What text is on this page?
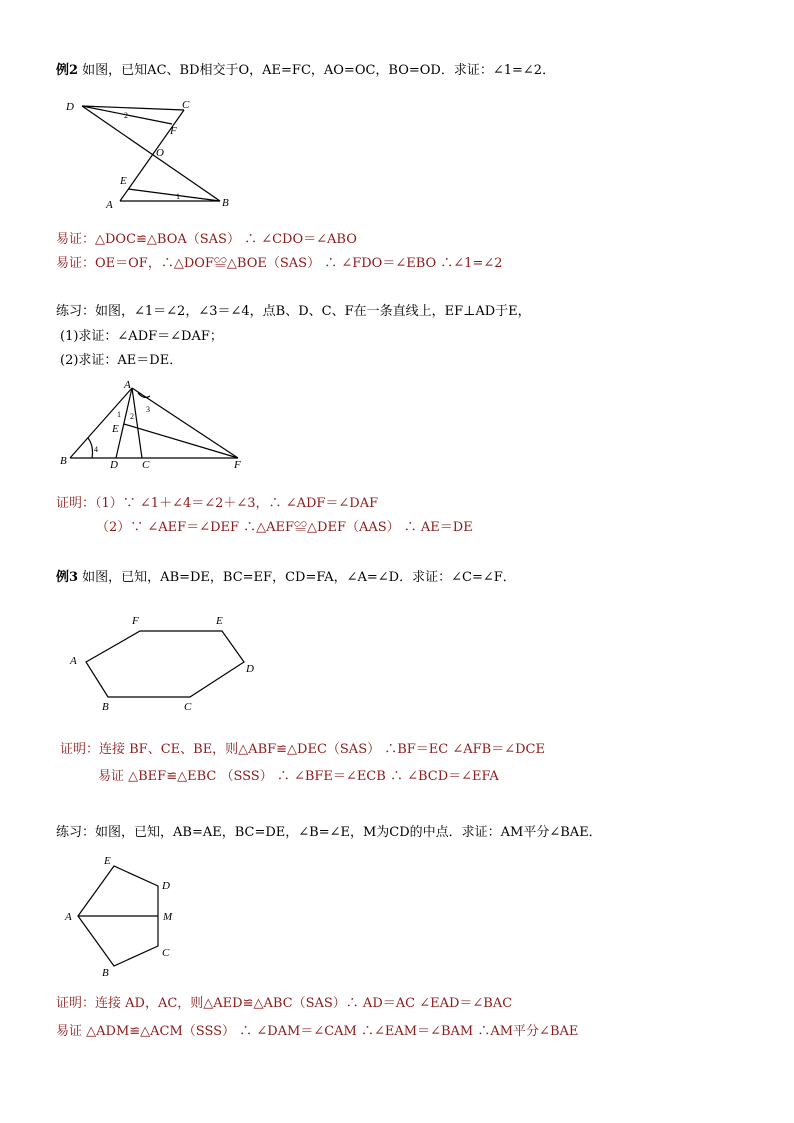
例2 如图，已知AC、BD相交于O，AE=FC，AO=OC，BO=OD．求证：∠1=∠2．
D	C
F
O
E
A	B
2
1
易证：△DOC≌△BOA（SAS） ∴ ∠CDO＝∠ABO
易证：OE＝OF，∴△DOF≌△BOE（SAS） ∴ ∠FDO＝∠EBO ∴∠1=∠2
练习：如图，∠1＝∠2，∠3＝∠4，点B、D、C、F在一条直线上，EF⊥AD于E，
(1)求证：∠ADF＝∠DAF；
(2)求证：AE＝DE．
A
E
B	D C	F
1 2
3
4
证明：（1）∵ ∠1＋∠4＝∠2＋∠3，∴ ∠ADF＝∠DAF
（2）∵ ∠AEF＝∠DEF ∴△AEF≌△DEF（AAS） ∴ AE＝DE
例3 如图，已知，AB=DE，BC=EF，CD=FA，∠A=∠D．求证：∠C=∠F．
F	E
A
D
B	C
证明：连接 BF、CE、BE，则△ABF≌△DEC（SAS） ∴BF＝EC ∠AFB＝∠DCE
易证 △BEF≌△EBC （SSS） ∴ ∠BFE＝∠ECB ∴ ∠BCD＝∠EFA
练习：如图，已知，AB=AE，BC=DE，∠B=∠E，M为CD的中点．求证：AM平分∠BAE．
E
D
A	M
C
B
证明：连接 AD，AC，则△AED≌△ABC（SAS）∴ AD＝AC ∠EAD＝∠BAC
易证 △ADM≌△ACM（SSS） ∴ ∠DAM＝∠CAM ∴∠EAM＝∠BAM ∴AM平分∠BAE
